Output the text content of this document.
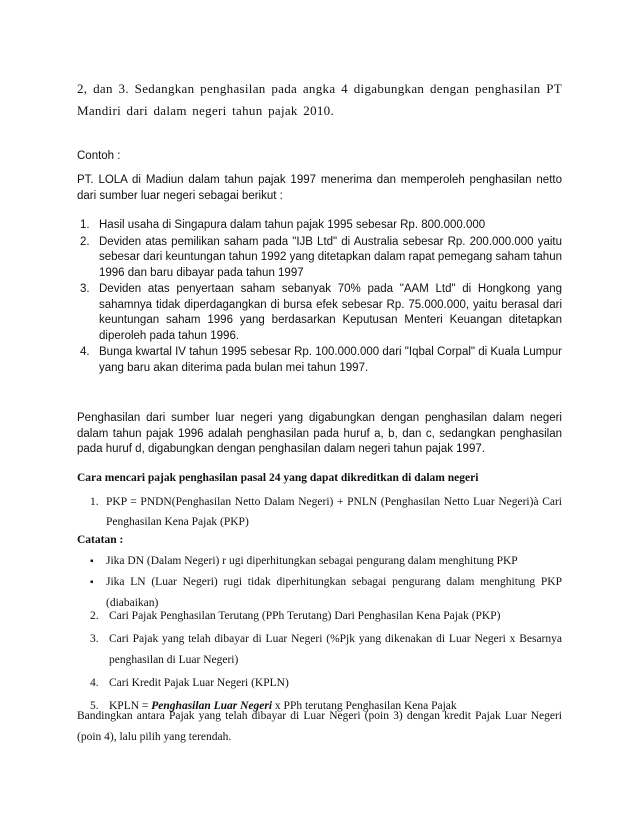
2, dan 3. Sedangkan penghasilan pada angka 4 digabungkan dengan penghasilan PT Mandiri dari dalam negeri tahun pajak 2010.

Contoh :

PT. LOLA di Madiun dalam tahun pajak 1997 menerima dan memperoleh penghasilan netto dari sumber luar negeri sebagai berikut :

1. Hasil usaha di Singapura dalam tahun pajak 1995 sebesar Rp. 800.000.000
2. Deviden atas pemilikan saham pada "IJB Ltd" di Australia sebesar Rp. 200.000.000 yaitu sebesar dari keuntungan tahun 1992 yang ditetapkan dalam rapat pemegang saham tahun 1996 dan baru dibayar pada tahun 1997
3. Deviden atas penyertaan saham sebanyak 70% pada "AAM Ltd" di Hongkong yang sahamnya tidak diperdagangkan di bursa efek sebesar Rp. 75.000.000, yaitu berasal dari keuntungan saham 1996 yang berdasarkan Keputusan Menteri Keuangan ditetapkan diperoleh pada tahun 1996.
4. Bunga kwartal IV tahun 1995 sebesar Rp. 100.000.000 dari "Iqbal Corpal" di Kuala Lumpur yang baru akan diterima pada bulan mei tahun 1997.

Penghasilan dari sumber luar negeri yang digabungkan dengan penghasilan dalam negeri dalam tahun pajak 1996 adalah penghasilan pada huruf a, b, dan c, sedangkan penghasilan pada huruf d, digabungkan dengan penghasilan dalam negeri tahun pajak 1997.

Cara mencari pajak penghasilan pasal 24 yang dapat dikreditkan di dalam negeri

1. PKP = PNDN(Penghasilan Netto Dalam Negeri) + PNLN (Penghasilan Netto Luar Negeri)à Cari Penghasilan Kena Pajak (PKP)

Catatan :

▪ Jika DN (Dalam Negeri) r ugi diperhitungkan sebagai pengurang dalam menghitung PKP
▪ Jika LN (Luar Negeri) rugi tidak diperhitungkan sebagai pengurang dalam menghitung PKP (diabaikan)
2. Cari Pajak Penghasilan Terutang (PPh Terutang) Dari Penghasilan Kena Pajak (PKP)
3. Cari Pajak yang telah dibayar di Luar Negeri (%Pjk yang dikenakan di Luar Negeri x Besarnya penghasilan di Luar Negeri)
4. Cari Kredit Pajak Luar Negeri (KPLN)
5. KPLN = Penghasilan Luar Negeri x PPh terutang Penghasilan Kena Pajak

Bandingkan antara Pajak yang telah dibayar di Luar Negeri (poin 3) dengan kredit Pajak Luar Negeri (poin 4), lalu pilih yang terendah.
